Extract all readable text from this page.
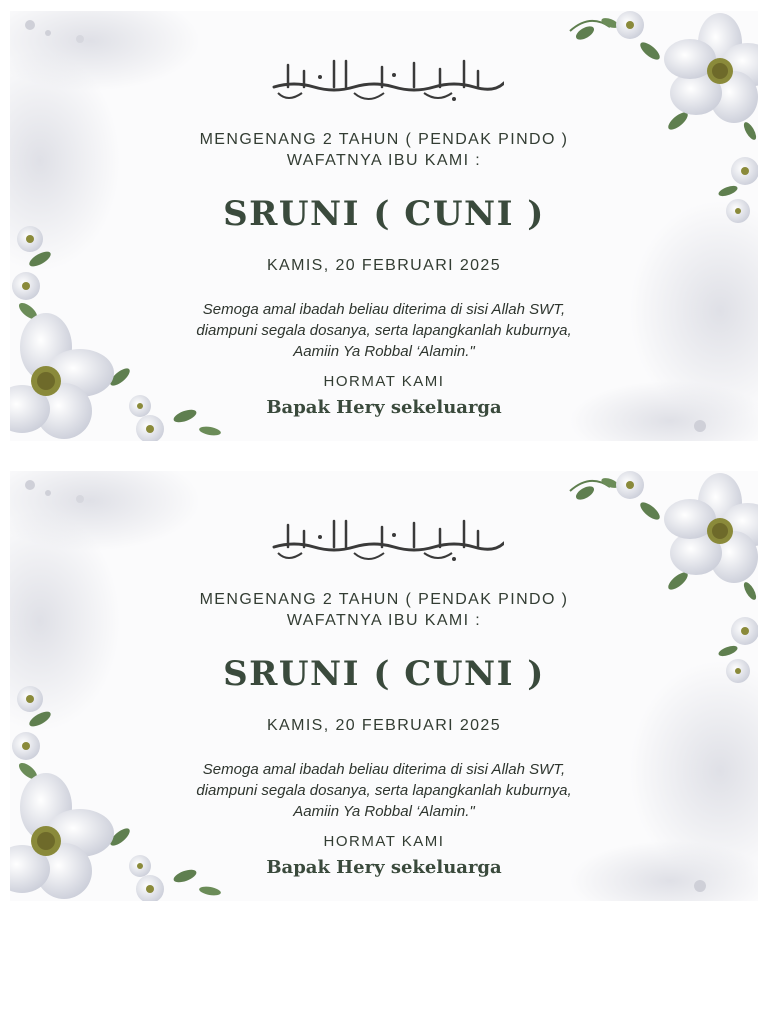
MENGENANG 2 TAHUN ( PENDAK PINDO )

WAFATNYA IBU KAMI :

SRUNI ( CUNI )

KAMIS, 20 FEBRUARI 2025

Semoga amal ibadah beliau diterima di sisi Allah SWT,
diampuni segala dosanya, serta lapangkanlah kuburnya,
Aamiin Ya Robbal ‘Alamin."

HORMAT KAMI

Bapak Hery sekeluarga

MENGENANG 2 TAHUN ( PENDAK PINDO )

WAFATNYA IBU KAMI :

SRUNI ( CUNI )

KAMIS, 20 FEBRUARI 2025

Semoga amal ibadah beliau diterima di sisi Allah SWT,
diampuni segala dosanya, serta lapangkanlah kuburnya,
Aamiin Ya Robbal ‘Alamin."

HORMAT KAMI

Bapak Hery sekeluarga
